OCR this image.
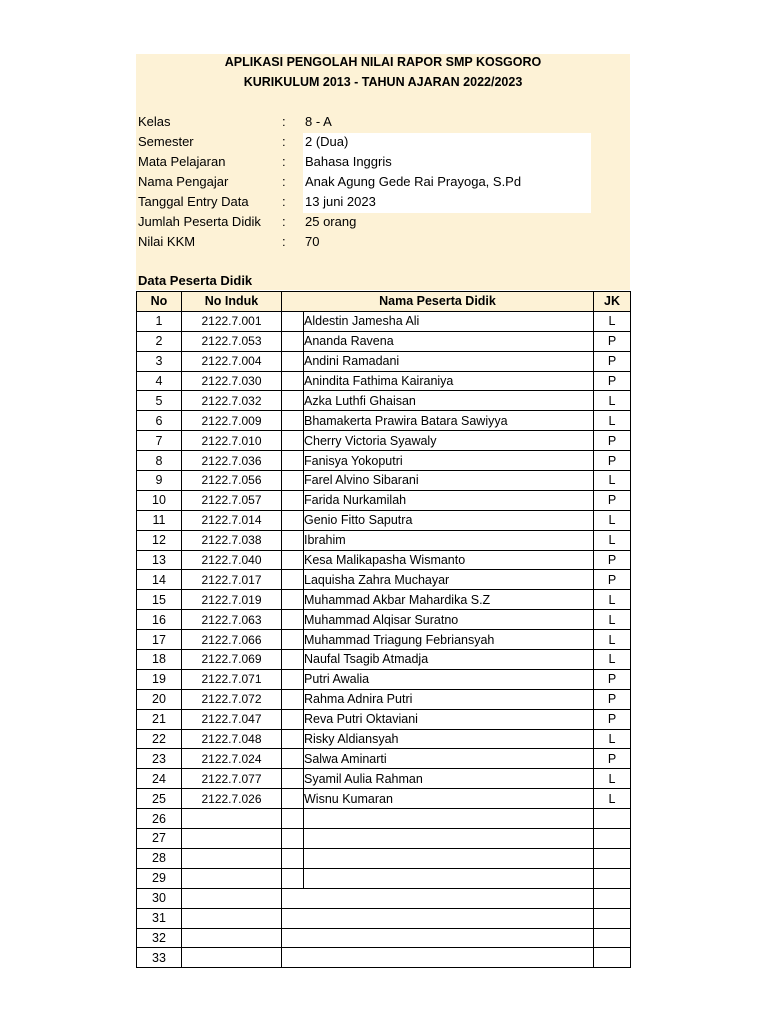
APLIKASI PENGOLAH NILAI RAPOR SMP KOSGORO
KURIKULUM 2013 - TAHUN AJARAN 2022/2023
Kelas	: 8 - A
Semester	: 2 (Dua)
Mata Pelajaran	: Bahasa Inggris
Nama Pengajar	: Anak Agung Gede Rai Prayoga, S.Pd
Tanggal Entry Data	: 13 juni 2023
Jumlah Peserta Didik	: 25 orang
Nilai KKM	: 70
Data Peserta Didik
No	No Induk	Nama Peserta Didik		JK
1	2122.7.001		Aldestin Jamesha Ali	L
2	2122.7.053		Ananda Ravena	P
3	2122.7.004		Andini Ramadani	P
4	2122.7.030		Anindita Fathima Kairaniya	P
5	2122.7.032		Azka Luthfi Ghaisan	L
6	2122.7.009		Bhamakerta Prawira Batara Sawiyya	L
7	2122.7.010		Cherry Victoria Syawaly	P
8	2122.7.036		Fanisya Yokoputri	P
9	2122.7.056		Farel Alvino Sibarani	L
10	2122.7.057		Farida Nurkamilah	P
11	2122.7.014		Genio Fitto Saputra	L
12	2122.7.038		Ibrahim	L
13	2122.7.040		Kesa Malikapasha Wismanto	P
14	2122.7.017		Laquisha Zahra Muchayar	P
15	2122.7.019		Muhammad Akbar Mahardika S.Z	L
16	2122.7.063		Muhammad Alqisar Suratno	L
17	2122.7.066		Muhammad Triagung Febriansyah	L
18	2122.7.069		Naufal Tsagib Atmadja	L
19	2122.7.071		Putri Awalia	P
20	2122.7.072		Rahma Adnira Putri	P
21	2122.7.047		Reva Putri Oktaviani	P
22	2122.7.048		Risky Aldiansyah	L
23	2122.7.024		Salwa Aminarti	P
24	2122.7.077		Syamil Aulia Rahman	L
25	2122.7.026		Wisnu Kumaran	L
26				
27				
28				
29				
30				
31				
32				
33				
